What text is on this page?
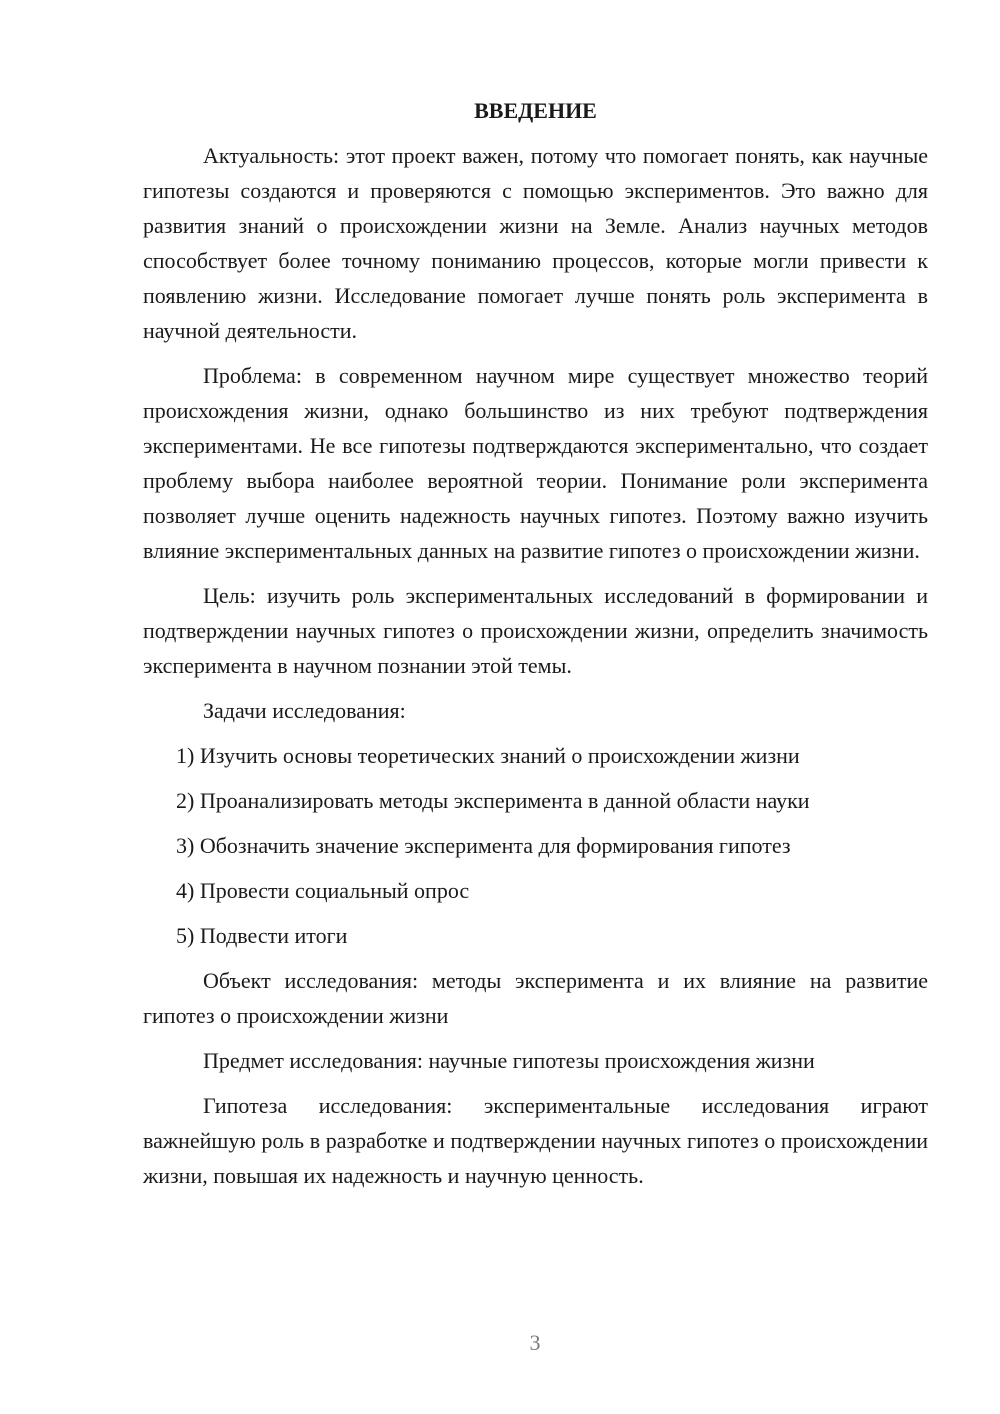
ВВЕДЕНИЕ

Актуальность: этот проект важен, потому что помогает понять, как научные гипотезы создаются и проверяются с помощью экспериментов. Это важно для развития знаний о происхождении жизни на Земле. Анализ научных методов способствует более точному пониманию процессов, которые могли привести к появлению жизни. Исследование помогает лучше понять роль эксперимента в научной деятельности.

Проблема: в современном научном мире существует множество теорий происхождения жизни, однако большинство из них требуют подтверждения экспериментами. Не все гипотезы подтверждаются экспериментально, что создает проблему выбора наиболее вероятной теории. Понимание роли эксперимента позволяет лучше оценить надежность научных гипотез. Поэтому важно изучить влияние экспериментальных данных на развитие гипотез о происхождении жизни.

Цель: изучить роль экспериментальных исследований в формировании и подтверждении научных гипотез о происхождении жизни, определить значимость эксперимента в научном познании этой темы.

Задачи исследования:

1) Изучить основы теоретических знаний о происхождении жизни
2) Проанализировать методы эксперимента в данной области науки
3) Обозначить значение эксперимента для формирования гипотез
4) Провести социальный опрос
5) Подвести итоги

Объект исследования: методы эксперимента и их влияние на развитие гипотез о происхождении жизни

Предмет исследования: научные гипотезы происхождения жизни

Гипотеза исследования: экспериментальные исследования играют важнейшую роль в разработке и подтверждении научных гипотез о происхождении жизни, повышая их надежность и научную ценность.

3
